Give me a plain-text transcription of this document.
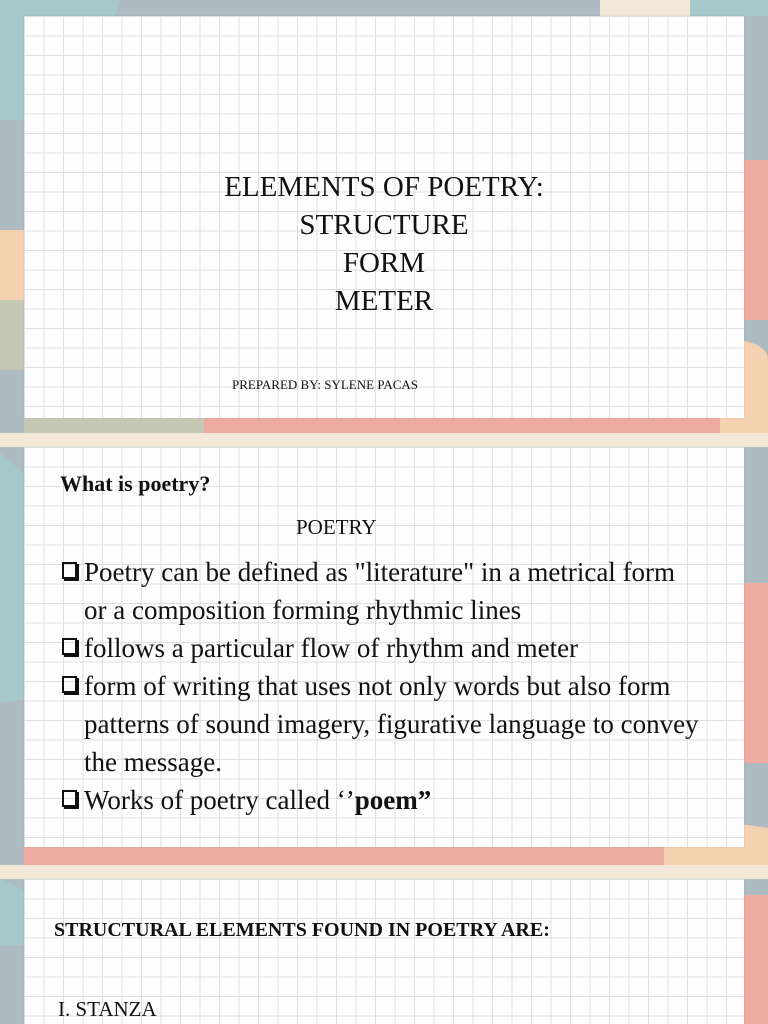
ELEMENTS OF POETRY:
STRUCTURE
FORM
METER
PREPARED BY: SYLENE PACAS
What is poetry?
POETRY
Poetry can be defined as "literature" in a metrical form or a composition forming rhythmic lines
follows a particular flow of rhythm and meter
form of writing that uses not only words but also form patterns of sound imagery, figurative language to convey the message.
Works of poetry called ‘’poem”
STRUCTURAL ELEMENTS FOUND IN POETRY ARE:
I. STANZA
